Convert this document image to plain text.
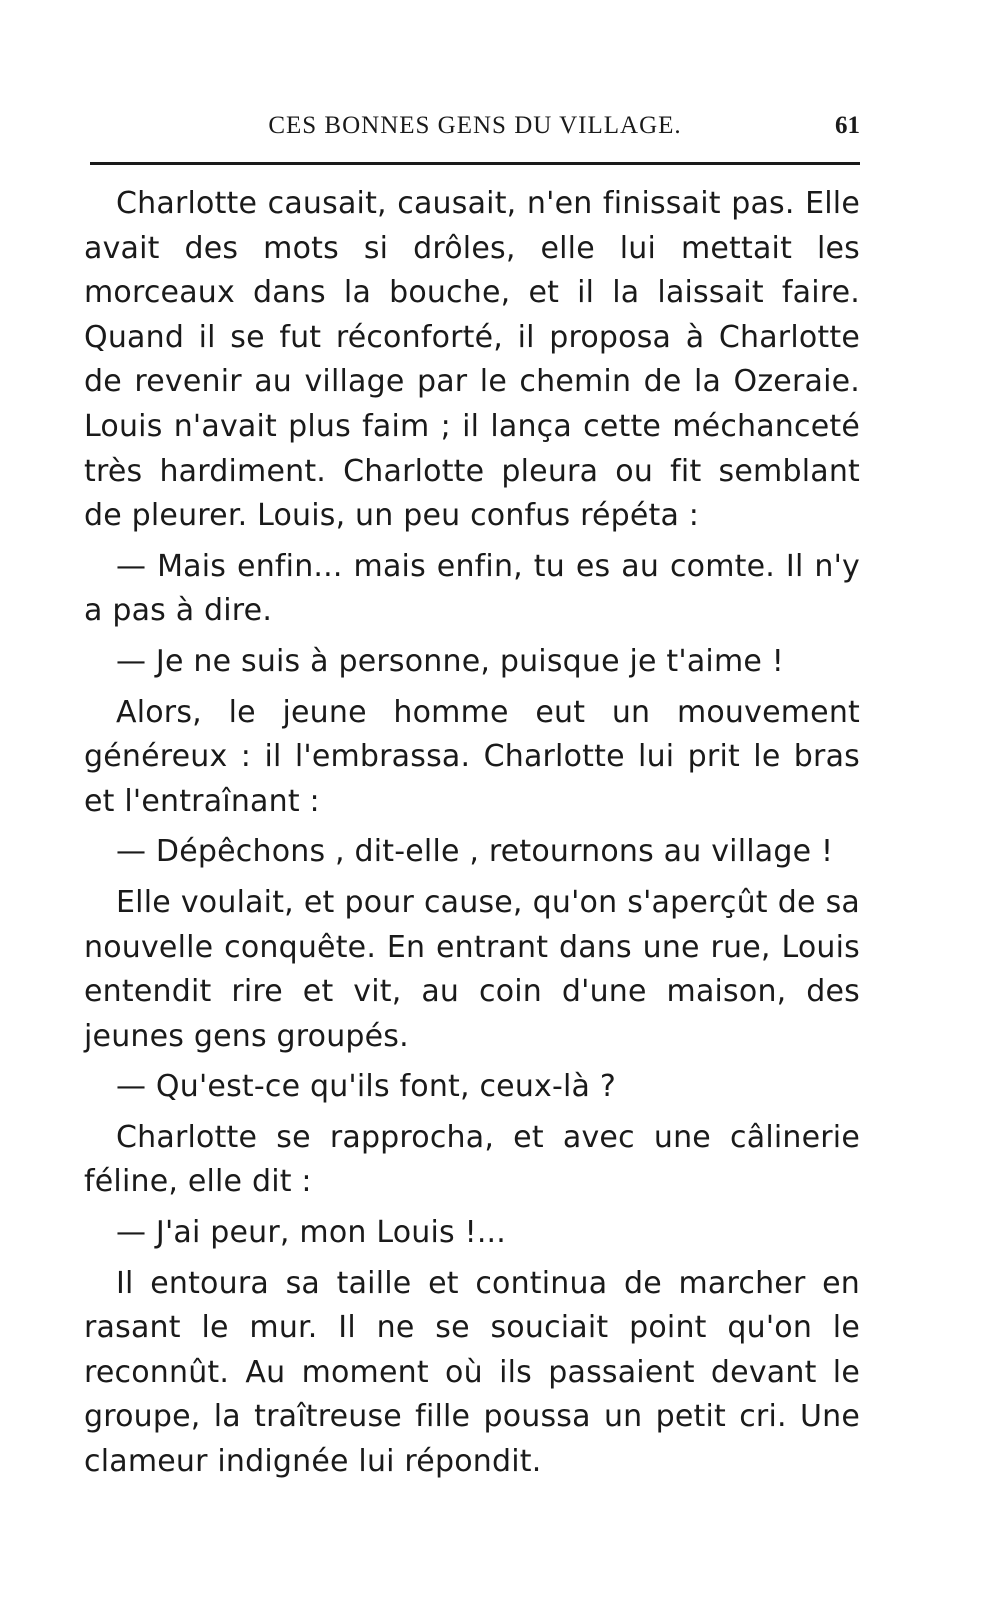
CES BONNES GENS DU VILLAGE.	61

Charlotte causait, causait, n'en finissait pas. Elle avait des mots si drôles, elle lui mettait les morceaux dans la bouche, et il la laissait faire. Quand il se fut réconforté, il proposa à Charlotte de revenir au village par le chemin de la Ozeraie. Louis n'avait plus faim ; il lança cette méchanceté très hardiment. Charlotte pleura ou fit semblant de pleurer. Louis, un peu confus répéta :

— Mais enfin... mais enfin, tu es au comte. Il n'y a pas à dire.

— Je ne suis à personne, puisque je t'aime !

Alors, le jeune homme eut un mouvement généreux : il l'embrassa. Charlotte lui prit le bras et l'entraînant :

— Dépêchons , dit-elle , retournons au village !

Elle voulait, et pour cause, qu'on s'aperçût de sa nouvelle conquête. En entrant dans une rue, Louis entendit rire et vit, au coin d'une maison, des jeunes gens groupés.

— Qu'est-ce qu'ils font, ceux-là ?

Charlotte se rapprocha, et avec une câlinerie féline, elle dit :

— J'ai peur, mon Louis !...

Il entoura sa taille et continua de marcher en rasant le mur. Il ne se souciait point qu'on le reconnût. Au moment où ils passaient devant le groupe, la traîtreuse fille poussa un petit cri. Une clameur indignée lui répondit.
